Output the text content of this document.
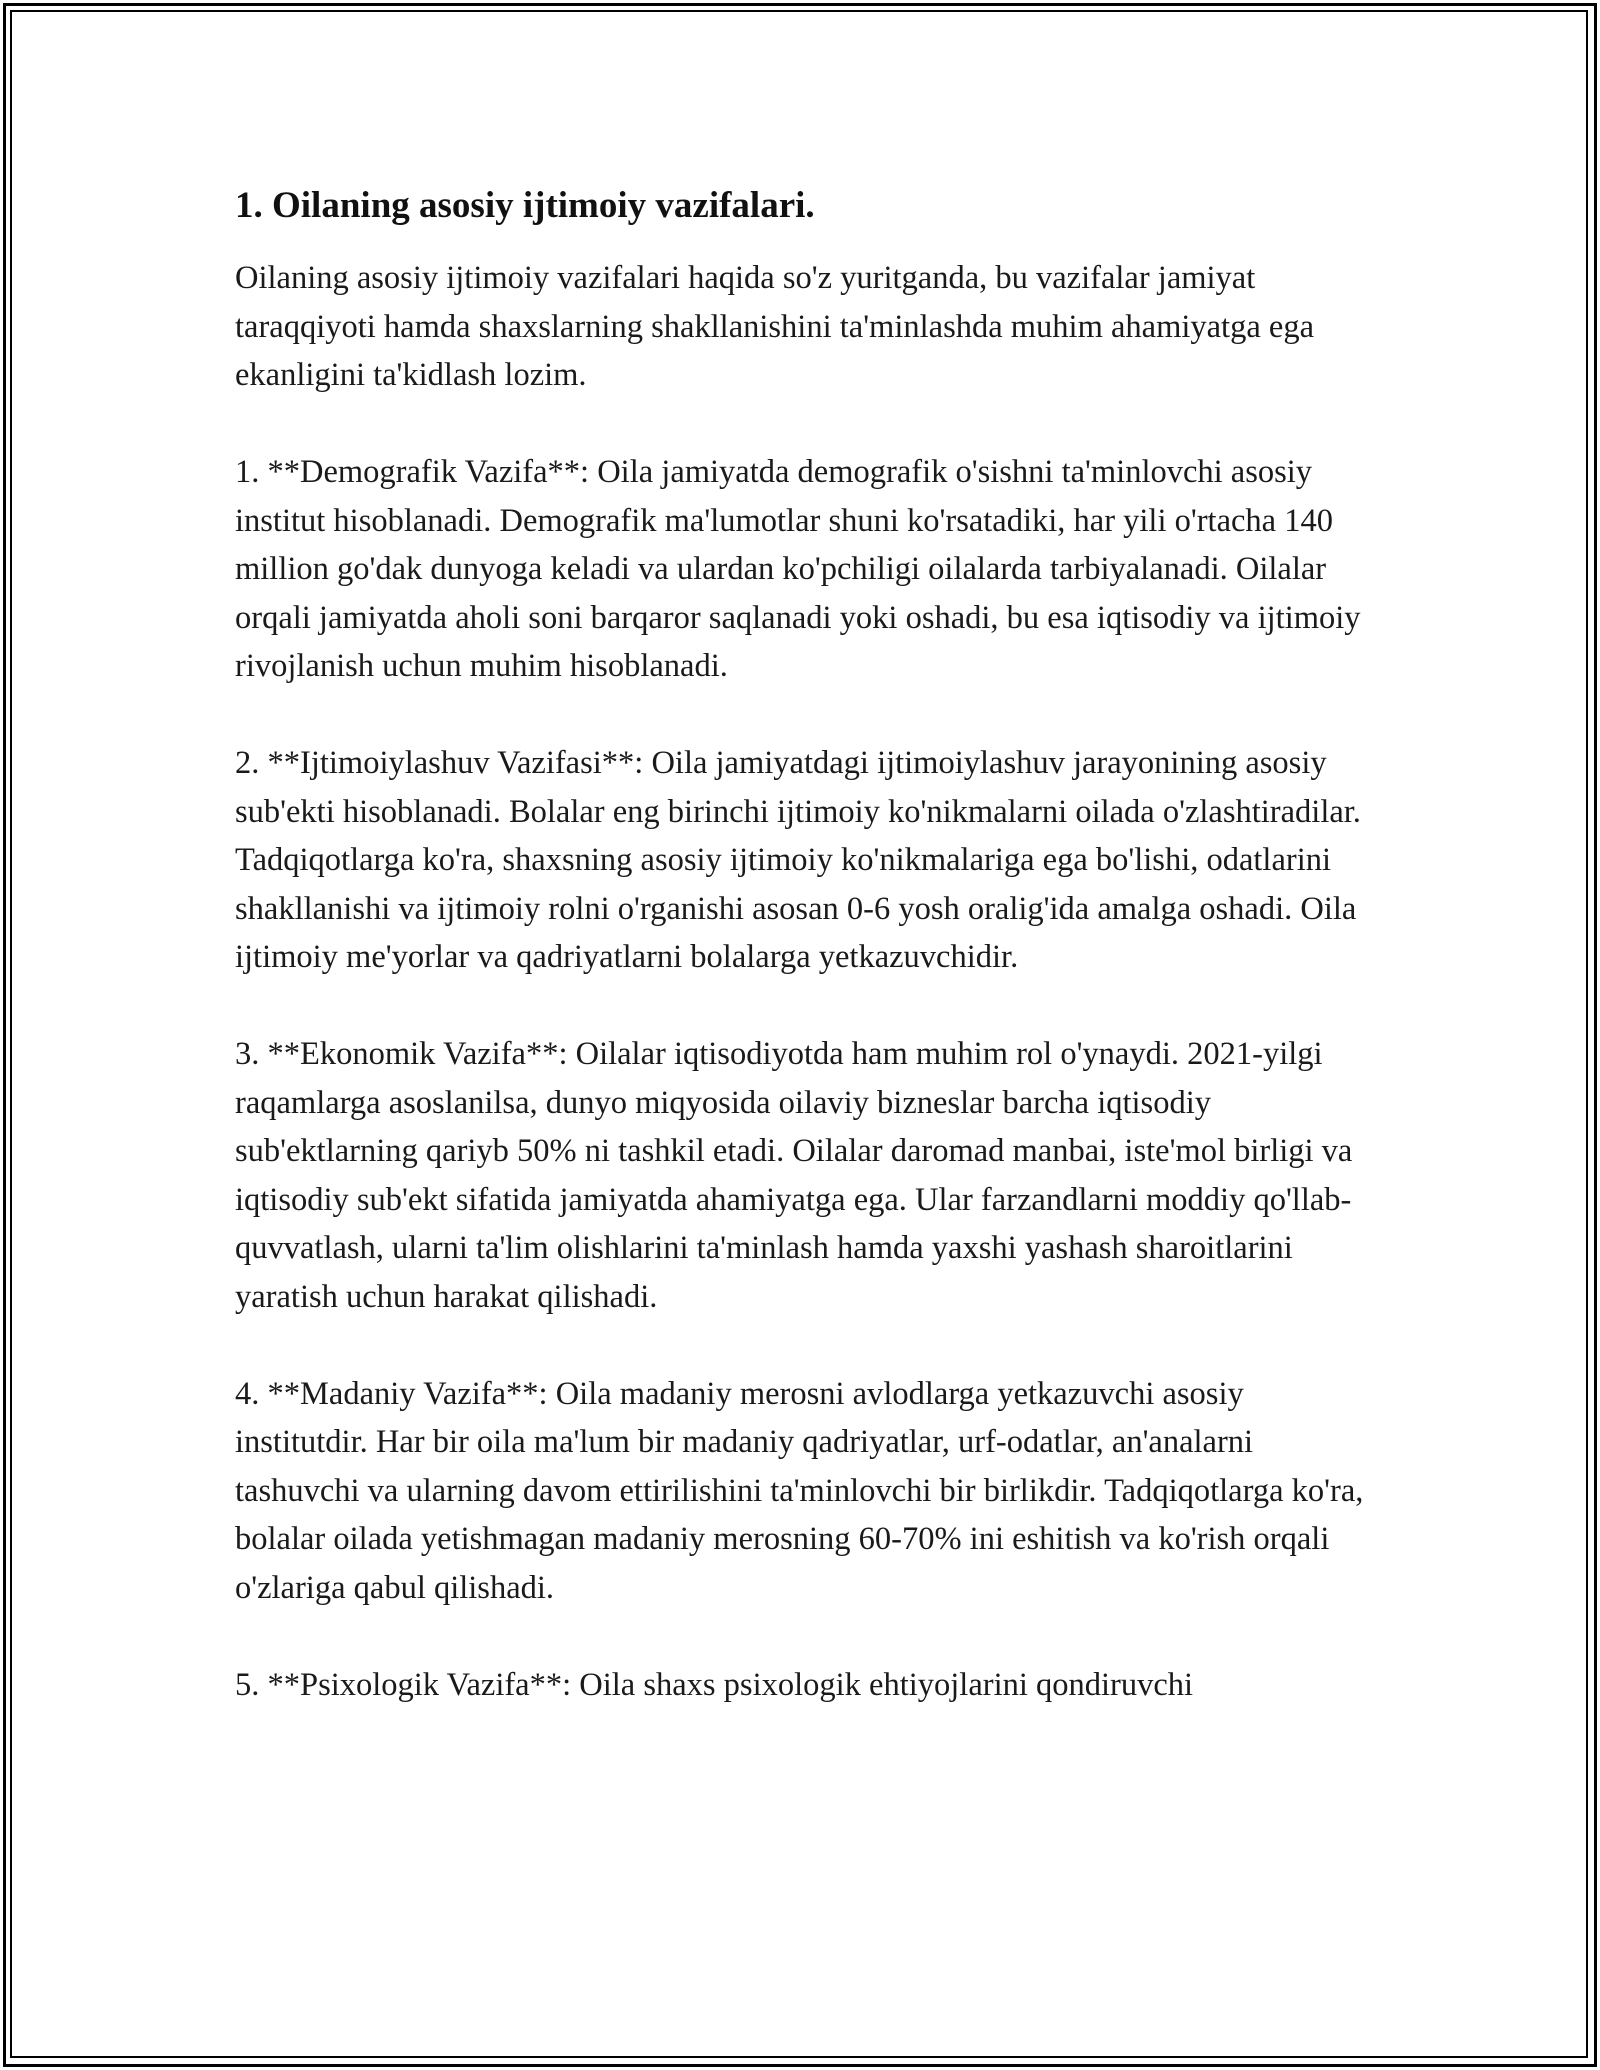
1. Oilaning asosiy ijtimoiy vazifalari.

Oilaning asosiy ijtimoiy vazifalari haqida so'z yuritganda, bu vazifalar jamiyat taraqqiyoti hamda shaxslarning shakllanishini ta'minlashda muhim ahamiyatga ega ekanligini ta'kidlash lozim.

1. **Demografik Vazifa**: Oila jamiyatda demografik o'sishni ta'minlovchi asosiy institut hisoblanadi. Demografik ma'lumotlar shuni ko'rsatadiki, har yili o'rtacha 140 million go'dak dunyoga keladi va ulardan ko'pchiligi oilalarda tarbiyalanadi. Oilalar orqali jamiyatda aholi soni barqaror saqlanadi yoki oshadi, bu esa iqtisodiy va ijtimoiy rivojlanish uchun muhim hisoblanadi.

2. **Ijtimoiylashuv Vazifasi**: Oila jamiyatdagi ijtimoiylashuv jarayonining asosiy sub'ekti hisoblanadi. Bolalar eng birinchi ijtimoiy ko'nikmalarni oilada o'zlashtiradilar. Tadqiqotlarga ko'ra, shaxsning asosiy ijtimoiy ko'nikmalariga ega bo'lishi, odatlarini shakllanishi va ijtimoiy rolni o'rganishi asosan 0-6 yosh oralig'ida amalga oshadi. Oila ijtimoiy me'yorlar va qadriyatlarni bolalarga yetkazuvchidir.

3. **Ekonomik Vazifa**: Oilalar iqtisodiyotda ham muhim rol o'ynaydi. 2021-yilgi raqamlarga asoslanilsa, dunyo miqyosida oilaviy bizneslar barcha iqtisodiy sub'ektlarning qariyb 50% ni tashkil etadi. Oilalar daromad manbai, iste'mol birligi va iqtisodiy sub'ekt sifatida jamiyatda ahamiyatga ega. Ular farzandlarni moddiy qo'llab-quvvatlash, ularni ta'lim olishlarini ta'minlash hamda yaxshi yashash sharoitlarini yaratish uchun harakat qilishadi.

4. **Madaniy Vazifa**: Oila madaniy merosni avlodlarga yetkazuvchi asosiy institutdir. Har bir oila ma'lum bir madaniy qadriyatlar, urf-odatlar, an'analarni tashuvchi va ularning davom ettirilishini ta'minlovchi bir birlikdir. Tadqiqotlarga ko'ra, bolalar oilada yetishmagan madaniy merosning 60-70% ini eshitish va ko'rish orqali o'zlariga qabul qilishadi.

5. **Psixologik Vazifa**: Oila shaxs psixologik ehtiyojlarini qondiruvchi
